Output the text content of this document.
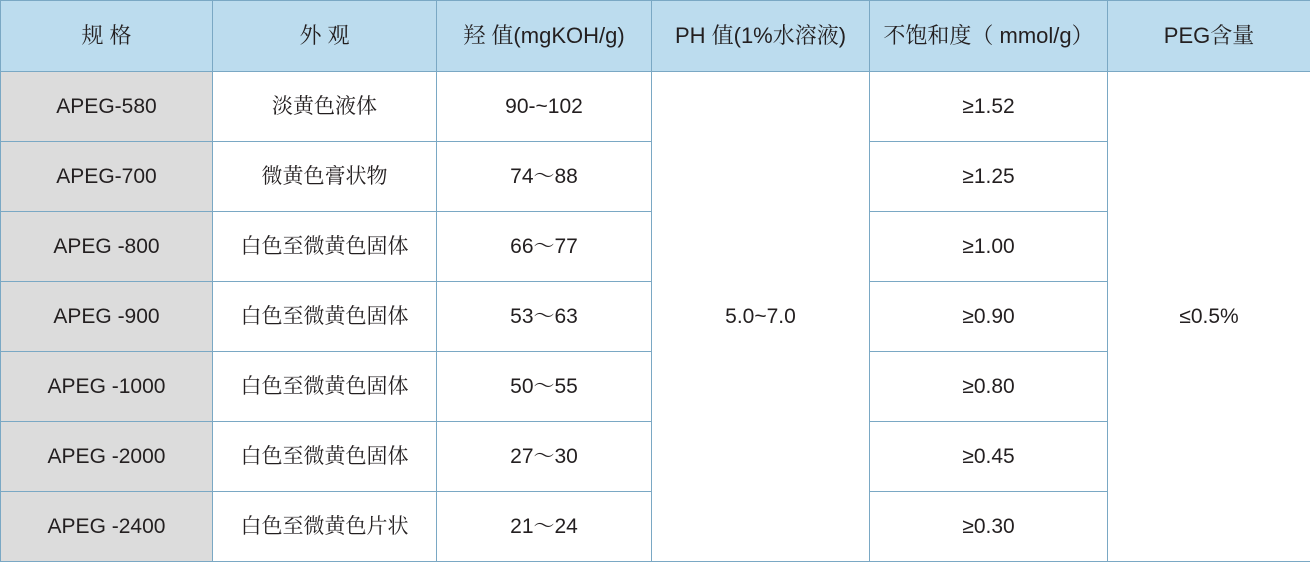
规 格	外 观	羟 值(mgKOH/g)	PH 值(1%水溶液)	不饱和度（ mmol/g）	PEG含量
APEG-580	淡黄色液体	90-~102	5.0~7.0	≥1.52	≤0.5%
APEG-700	微黄色膏状物	74～88		≥1.25	
APEG -800	白色至微黄色固体	66～77		≥1.00	
APEG -900	白色至微黄色固体	53～63		≥0.90	
APEG -1000	白色至微黄色固体	50～55		≥0.80	
APEG -2000	白色至微黄色固体	27～30		≥0.45	
APEG -2400	白色至微黄色片状	21～24		≥0.30	
